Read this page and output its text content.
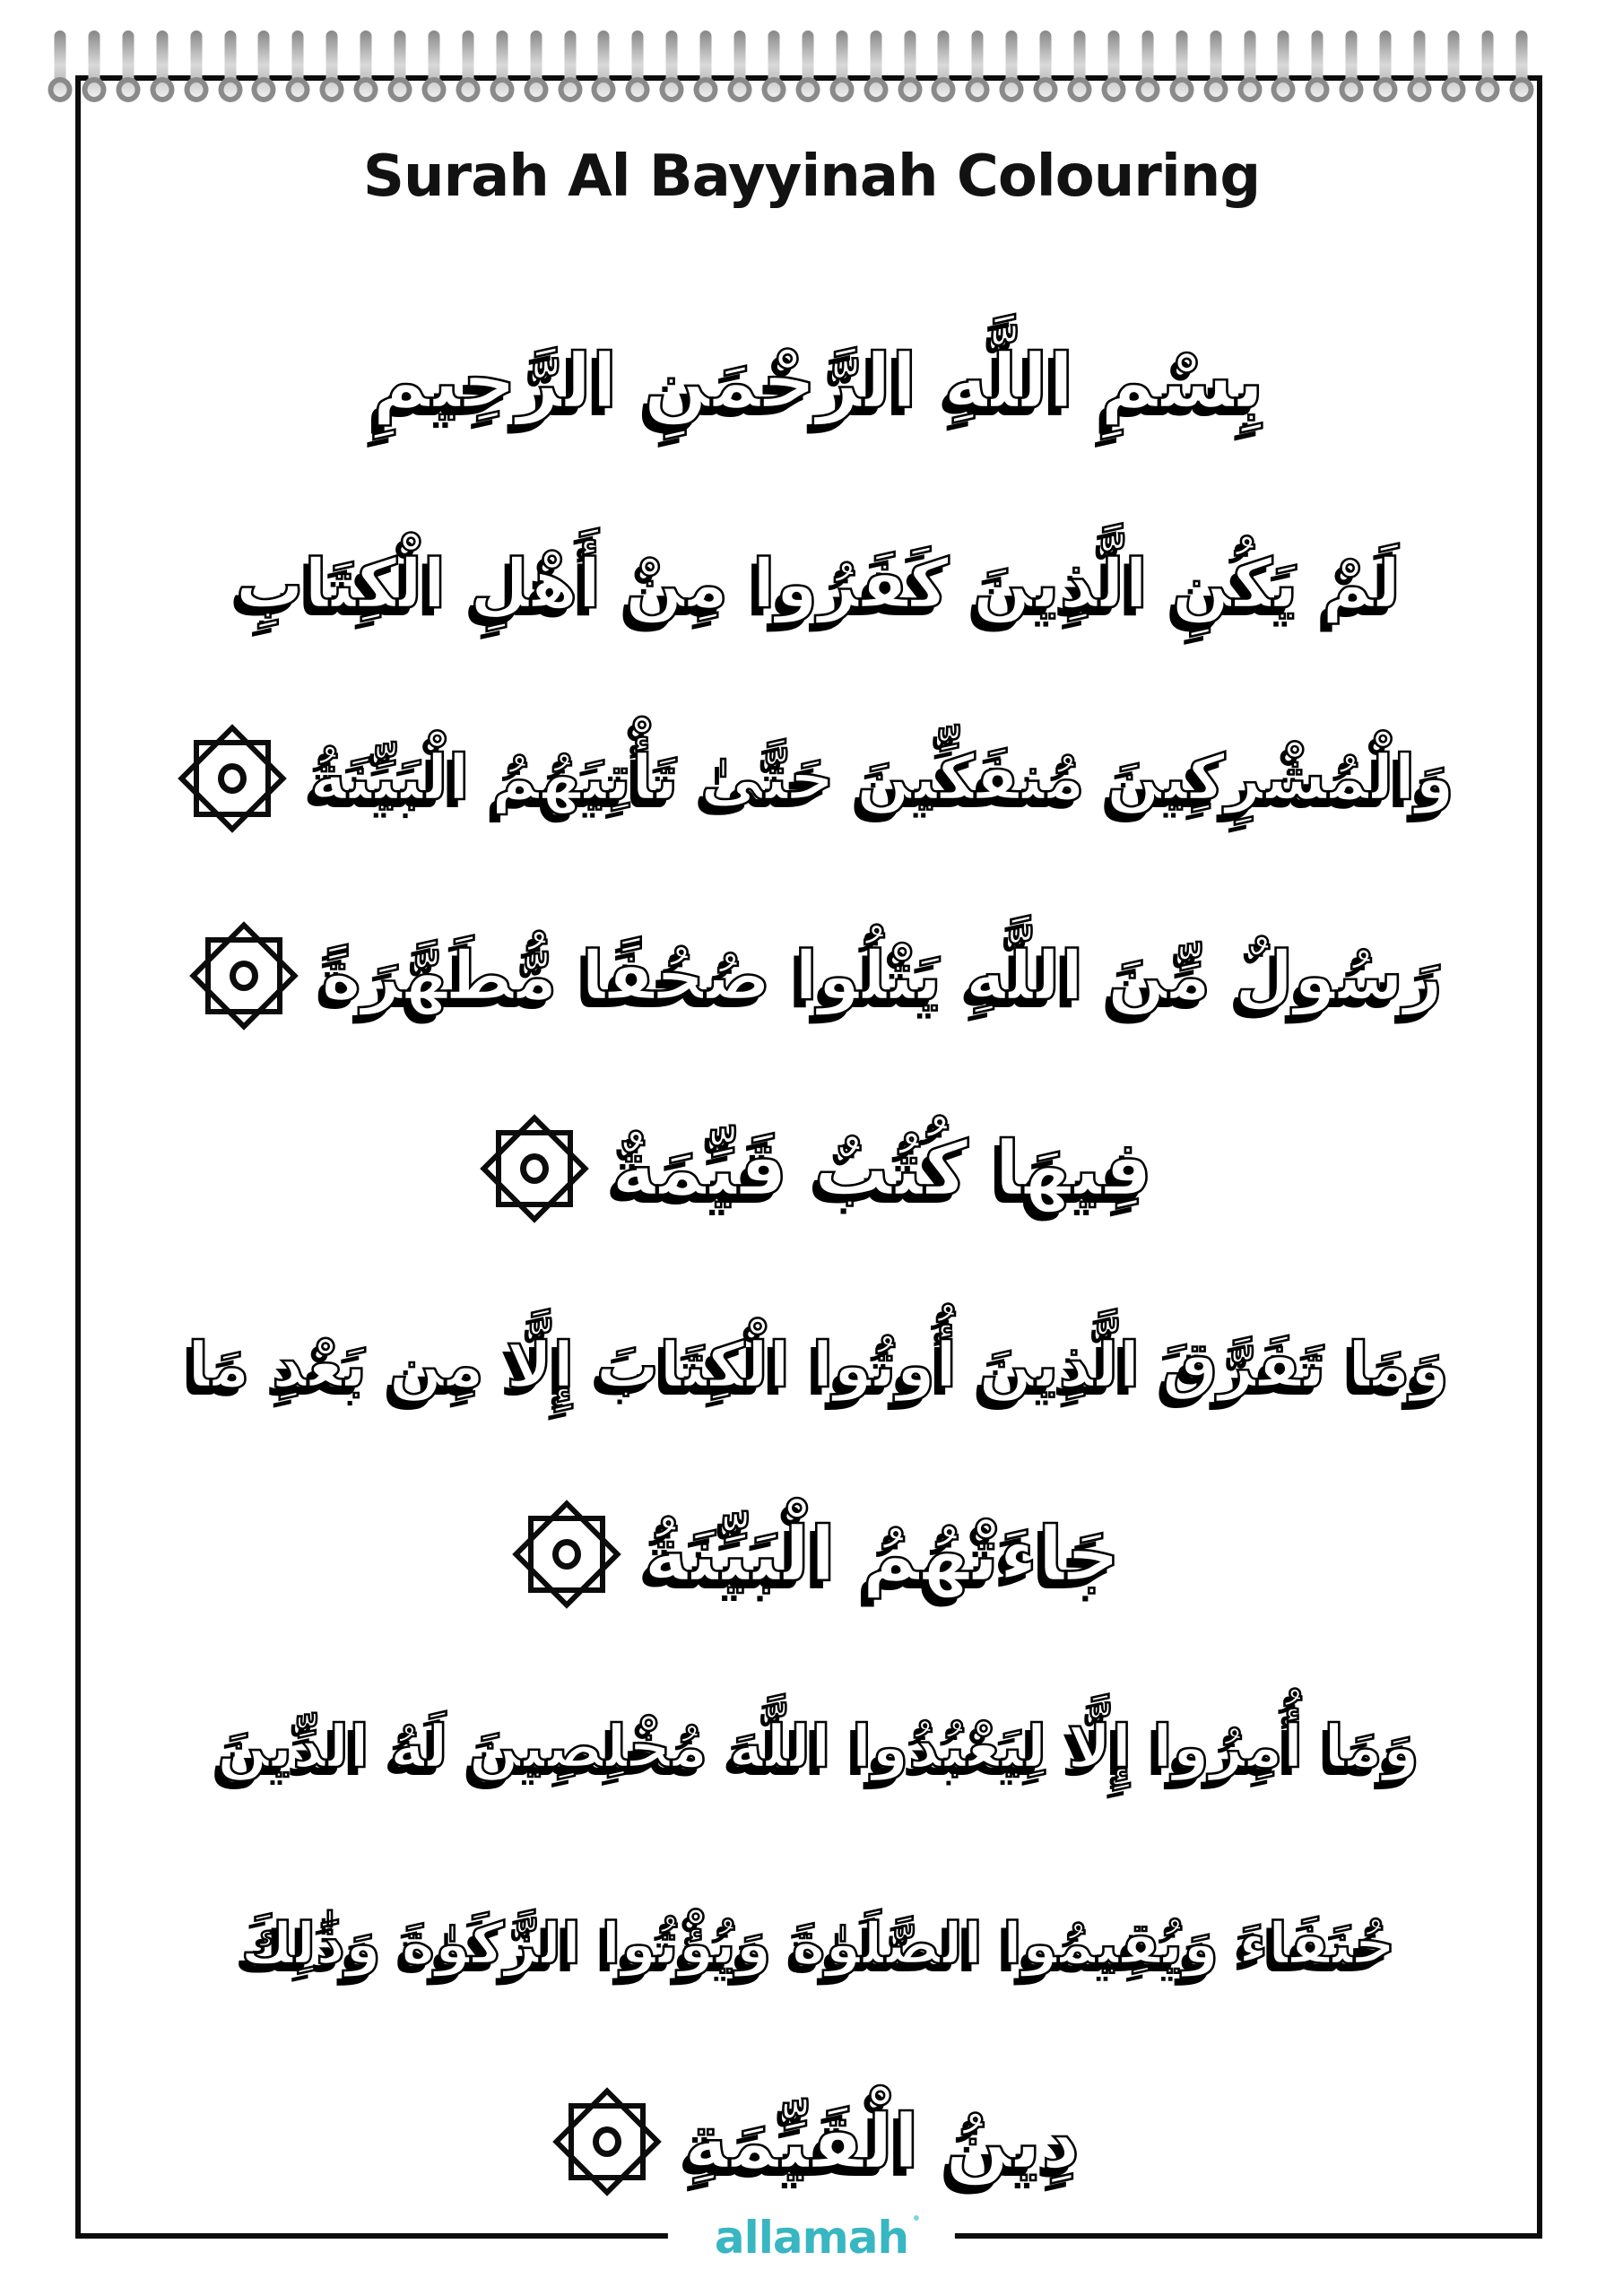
Surah Al Bayyinah Colouring
بِسْمِ اللَّهِ الرَّحْمَنِ الرَّحِيمِ
لَمْ يَكُنِ الَّذِينَ كَفَرُوا مِنْ أَهْلِ الْكِتَابِ
وَالْمُشْرِكِينَ مُنفَكِّينَ حَتَّىٰ تَأْتِيَهُمُ الْبَيِّنَةُ
رَسُولٌ مِّنَ اللَّهِ يَتْلُوا صُحُفًا مُّطَهَّرَةً
فِيهَا كُتُبٌ قَيِّمَةٌ
وَمَا تَفَرَّقَ الَّذِينَ أُوتُوا الْكِتَابَ إِلَّا مِن بَعْدِ مَا
جَاءَتْهُمُ الْبَيِّنَةُ
وَمَا أُمِرُوا إِلَّا لِيَعْبُدُوا اللَّهَ مُخْلِصِينَ لَهُ الدِّينَ
حُنَفَاءَ وَيُقِيمُوا الصَّلَوٰةَ وَيُؤْتُوا الزَّكَوٰةَ وَذَٰلِكَ
دِينُ الْقَيِّمَةِ
allamah
